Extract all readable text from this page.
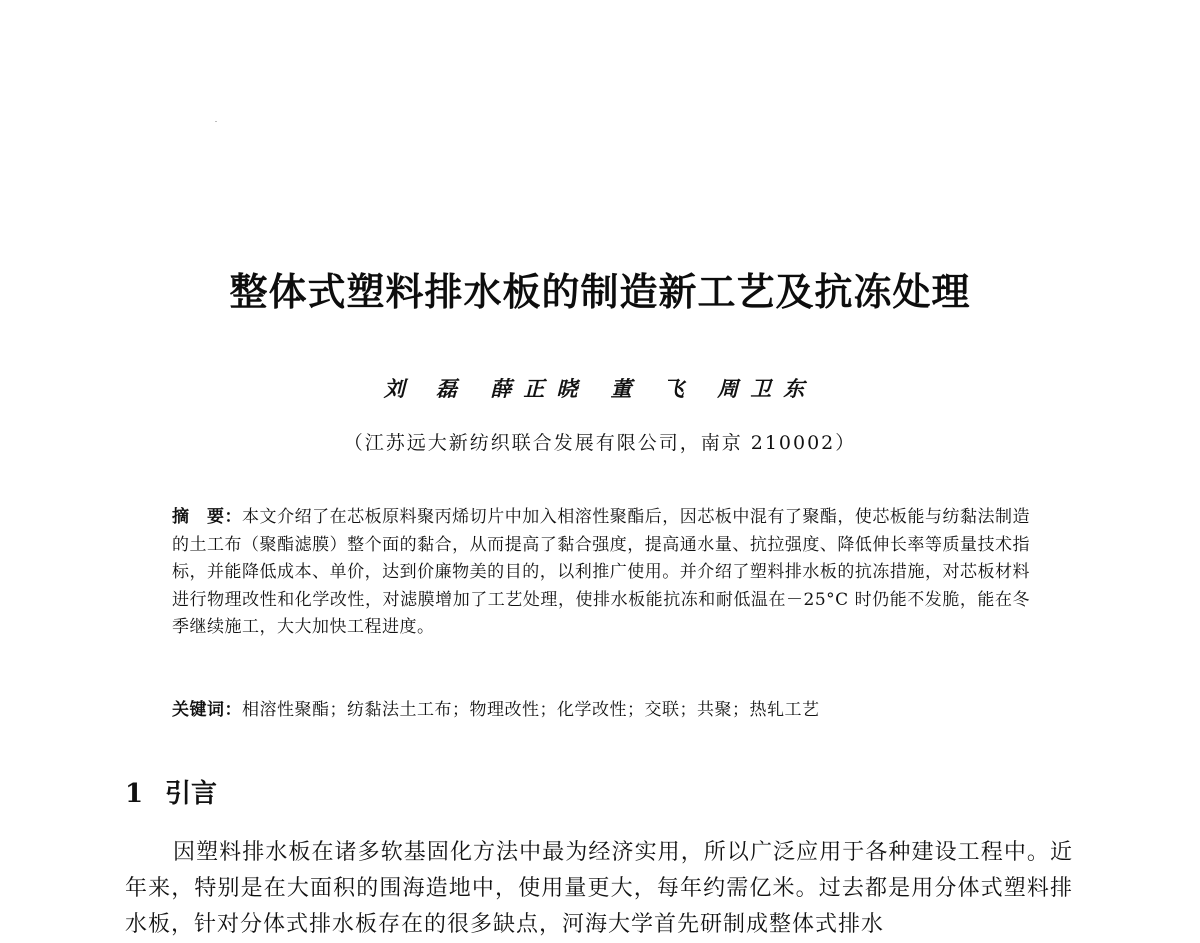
整体式塑料排水板的制造新工艺及抗冻处理
刘 磊 薛正晓 董 飞 周卫东
（江苏远大新纺织联合发展有限公司，南京 210002）
摘　要：本文介绍了在芯板原料聚丙烯切片中加入相溶性聚酯后，因芯板中混有了聚酯，使芯板能与纺黏法制造的土工布（聚酯滤膜）整个面的黏合，从而提高了黏合强度，提高通水量、抗拉强度、降低伸长率等质量技术指标，并能降低成本、单价，达到价廉物美的目的，以利推广使用。并介绍了塑料排水板的抗冻措施，对芯板材料进行物理改性和化学改性，对滤膜增加了工艺处理，使排水板能抗冻和耐低温在－25°C 时仍能不发脆，能在冬季继续施工，大大加快工程进度。
关键词：相溶性聚酯；纺黏法土工布；物理改性；化学改性；交联；共聚；热轧工艺
1 引言
因塑料排水板在诸多软基固化方法中最为经济实用，所以广泛应用于各种建设工程中。近年来，特别是在大面积的围海造地中，使用量更大，每年约需亿米。过去都是用分体式塑料排水板，针对分体式排水板存在的很多缺点，河海大学首先研制成整体式排水
